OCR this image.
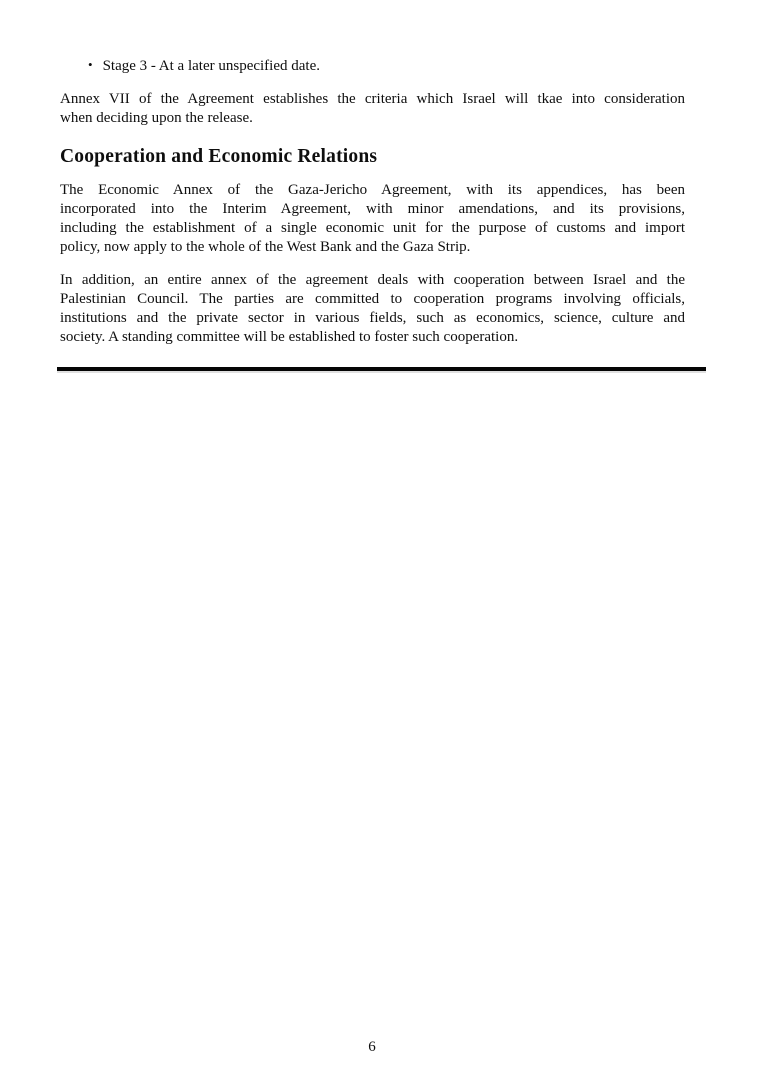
• Stage 3 - At a later unspecified date.
Annex VII of the Agreement establishes the criteria which Israel will tkae into consideration
when deciding upon the release.
Cooperation and Economic Relations
The Economic Annex of the Gaza-Jericho Agreement, with its appendices, has been
incorporated into the Interim Agreement, with minor amendations, and its provisions,
including the establishment of a single economic unit for the purpose of customs and import
policy, now apply to the whole of the West Bank and the Gaza Strip.
In addition, an entire annex of the agreement deals with cooperation between Israel and the
Palestinian Council. The parties are committed to cooperation programs involving officials,
institutions and the private sector in various fields, such as economics, science, culture and
society. A standing committee will be established to foster such cooperation.
6
